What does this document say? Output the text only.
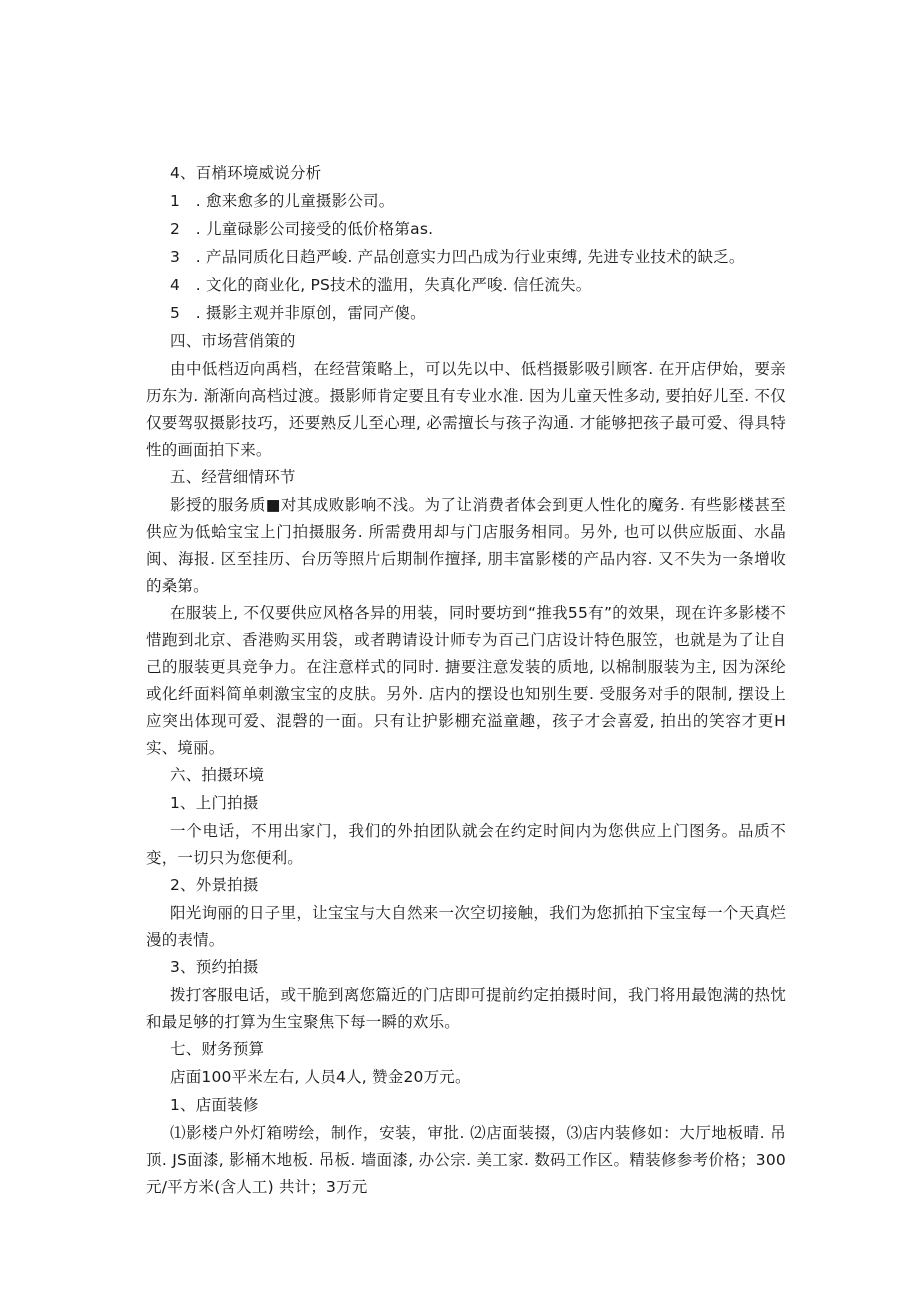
4、百梢环境威说分析

1　. 愈来愈多的儿童摄影公司。

2　. 儿童碌影公司接受的低价格第as.

3　. 产品同质化日趋严峻. 产品创意实力凹凸成为行业束缚, 先进专业技术的缺乏。

4　. 文化的商业化, PS技术的滥用，失真化严唆. 信任流失。

5　. 摄影主观并非原创，雷同产傻。

四、市场营俏策的

由中低档迈向禹档，在经营策略上，可以先以中、低档摄影吸引顾客. 在开店伊始，要亲历东为. 渐渐向高档过渡。摄影师肯定要且有专业水准. 因为儿童天性多动, 要拍好儿至. 不仅仅要驾驭摄影技巧，还要熟反儿至心理, 必需擅长与孩子沟通. 才能够把孩子最可爱、得具特性的画面拍下来。

五、经营细情环节

影授的服务质■对其成败影响不浅。为了让消费者体会到更人性化的魔务. 有些影楼甚至供应为低蛤宝宝上门拍摄服务. 所需费用却与门店服务相同。另外, 也可以供应版面、水晶闽、海报. 区至挂历、台历等照片后期制作擅择, 朋丰富影楼的产品内容. 又不失为一条增收的桑第。

在服装上, 不仅要供应风格各异的用装，同时要坊到“推我55有”的效果，现在许多影楼不惜跑到北京、香港购买用袋，或者聘请设计师专为百己门店设计特色服笠，也就是为了让自己的服装更具竞争力。在注意样式的同时. 搪要注意发装的质地, 以棉制服装为主, 因为深纶或化纤面料简单刺激宝宝的皮肤。另外. 店内的摆设也知别生要. 受服务对手的限制, 摆设上应突出体现可爱、混磬的一面。只有让护影棚充溢童趣，孩子才会喜爱, 拍出的笑容才更H实、境丽。

六、拍摄环境

1、上门拍摄

一个电话，不用出家门，我们的外拍团队就会在约定时间内为您供应上门图务。品质不变，一切只为您便利。

2、外景拍摄

阳光询丽的日子里，让宝宝与大自然来一次空切接触，我们为您抓拍下宝宝每一个天真烂漫的表情。

3、预约拍摄

拨打客服电话，或干脆到离您篇近的门店即可提前约定拍摄时间，我门将用最饱满的热忱和最足够的打算为生宝聚焦下每一瞬的欢乐。

七、财务预算

店面100平米左右, 人员4人, 赞金20万元。

1、店面装修

⑴影楼户外灯箱唠绘，制作，安装，审批. ⑵店面装掇，⑶店内装修如：大厅地板晴. 吊顶. JS面漆, 影桶木地板. 吊板. 墙面漆, 办公宗. 美工家. 数码工作区。精装修参考价格；300元/平方米(含人工) 共计；3万元
